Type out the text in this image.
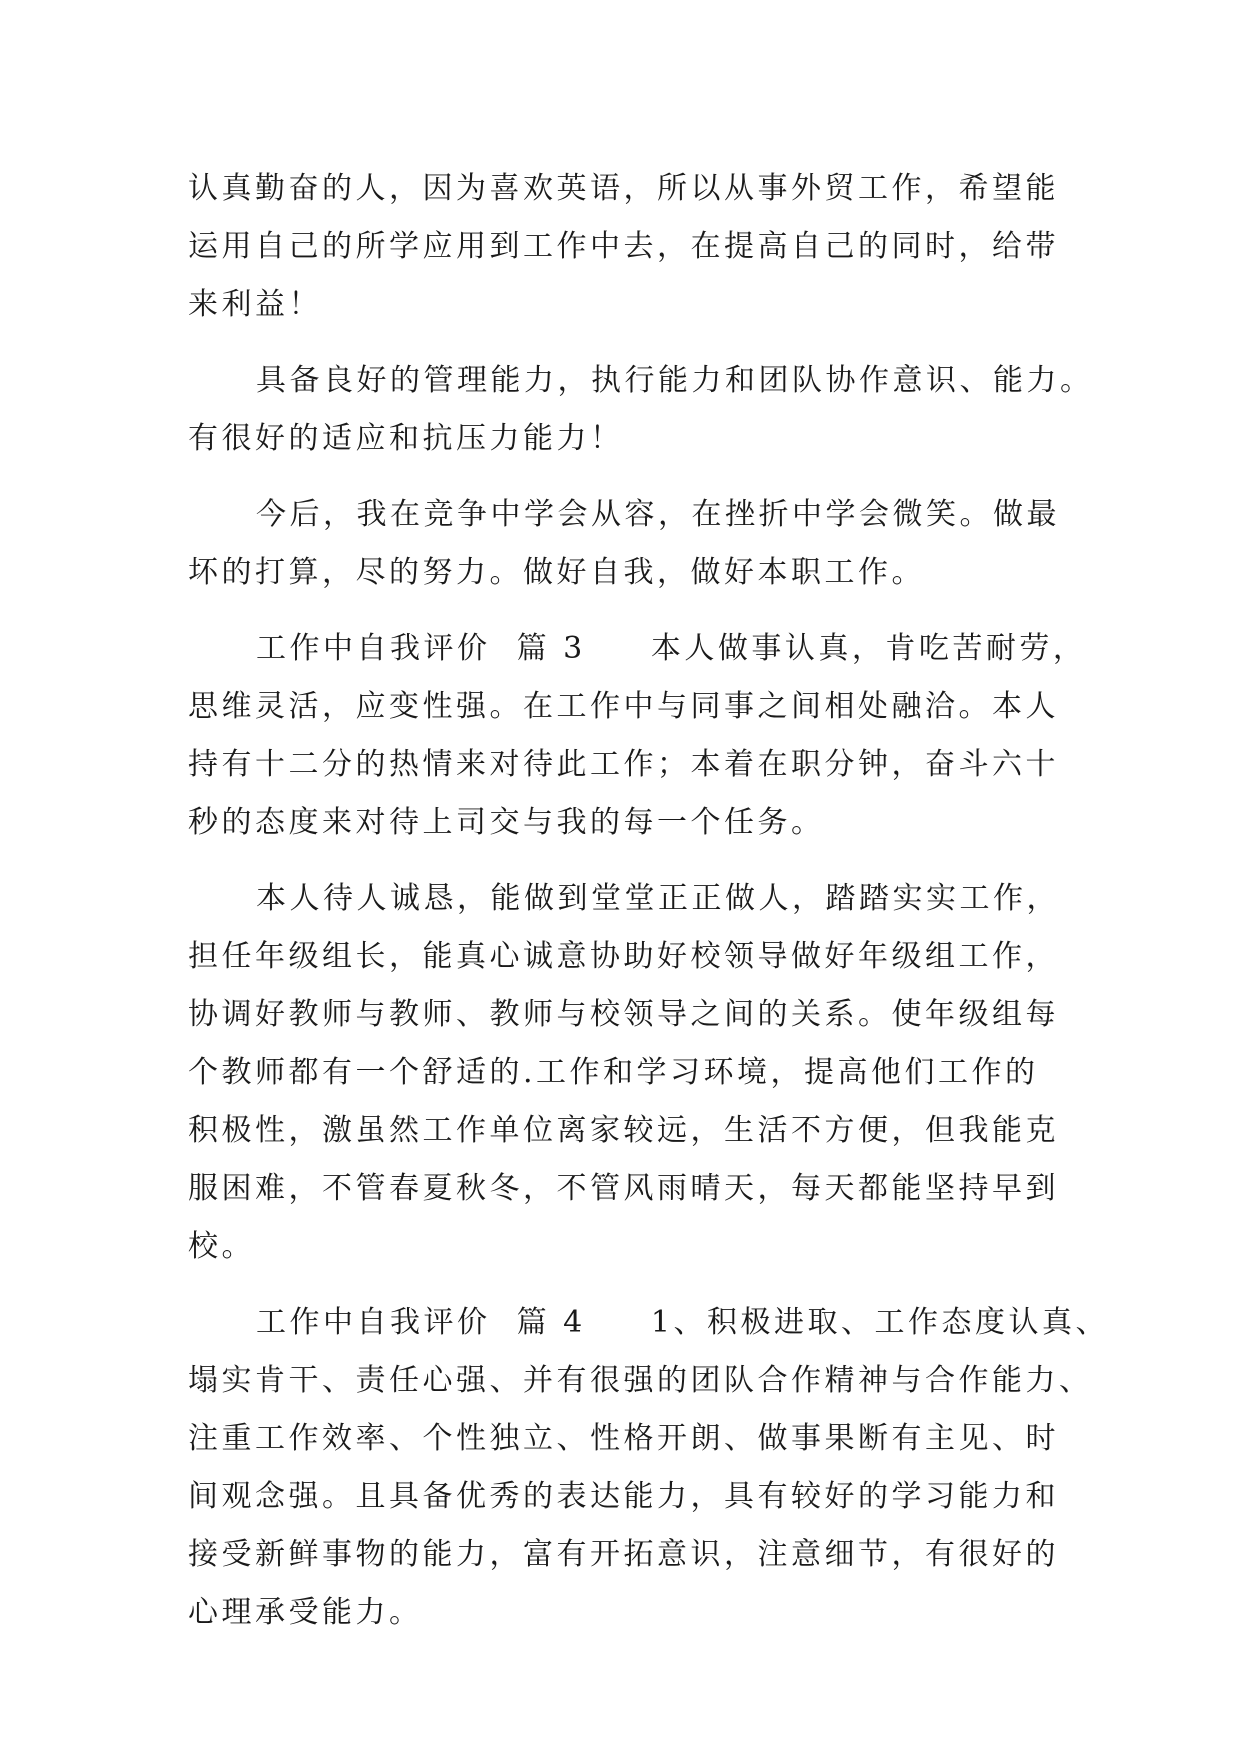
认真勤奋的人，因为喜欢英语，所以从事外贸工作，希望能
运用自己的所学应用到工作中去，在提高自己的同时，给带
来利益！
具备良好的管理能力，执行能力和团队协作意识、能力。
有很好的适应和抗压力能力！
今后，我在竞争中学会从容，在挫折中学会微笑。做最
坏的打算，尽的努力。做好自我，做好本职工作。
工作中自我评价  篇 3     本人做事认真，肯吃苦耐劳，
思维灵活，应变性强。在工作中与同事之间相处融洽。本人
持有十二分的热情来对待此工作；本着在职分钟，奋斗六十
秒的态度来对待上司交与我的每一个任务。
本人待人诚恳，能做到堂堂正正做人，踏踏实实工作，
担任年级组长，能真心诚意协助好校领导做好年级组工作，
协调好教师与教师、教师与校领导之间的关系。使年级组每
个教师都有一个舒适的.工作和学习环境，提高他们工作的
积极性，激虽然工作单位离家较远，生活不方便，但我能克
服困难，不管春夏秋冬，不管风雨晴天，每天都能坚持早到
校。
工作中自我评价  篇 4     1、积极进取、工作态度认真、
塌实肯干、责任心强、并有很强的团队合作精神与合作能力、
注重工作效率、个性独立、性格开朗、做事果断有主见、时
间观念强。且具备优秀的表达能力，具有较好的学习能力和
接受新鲜事物的能力，富有开拓意识，注意细节，有很好的
心理承受能力。
